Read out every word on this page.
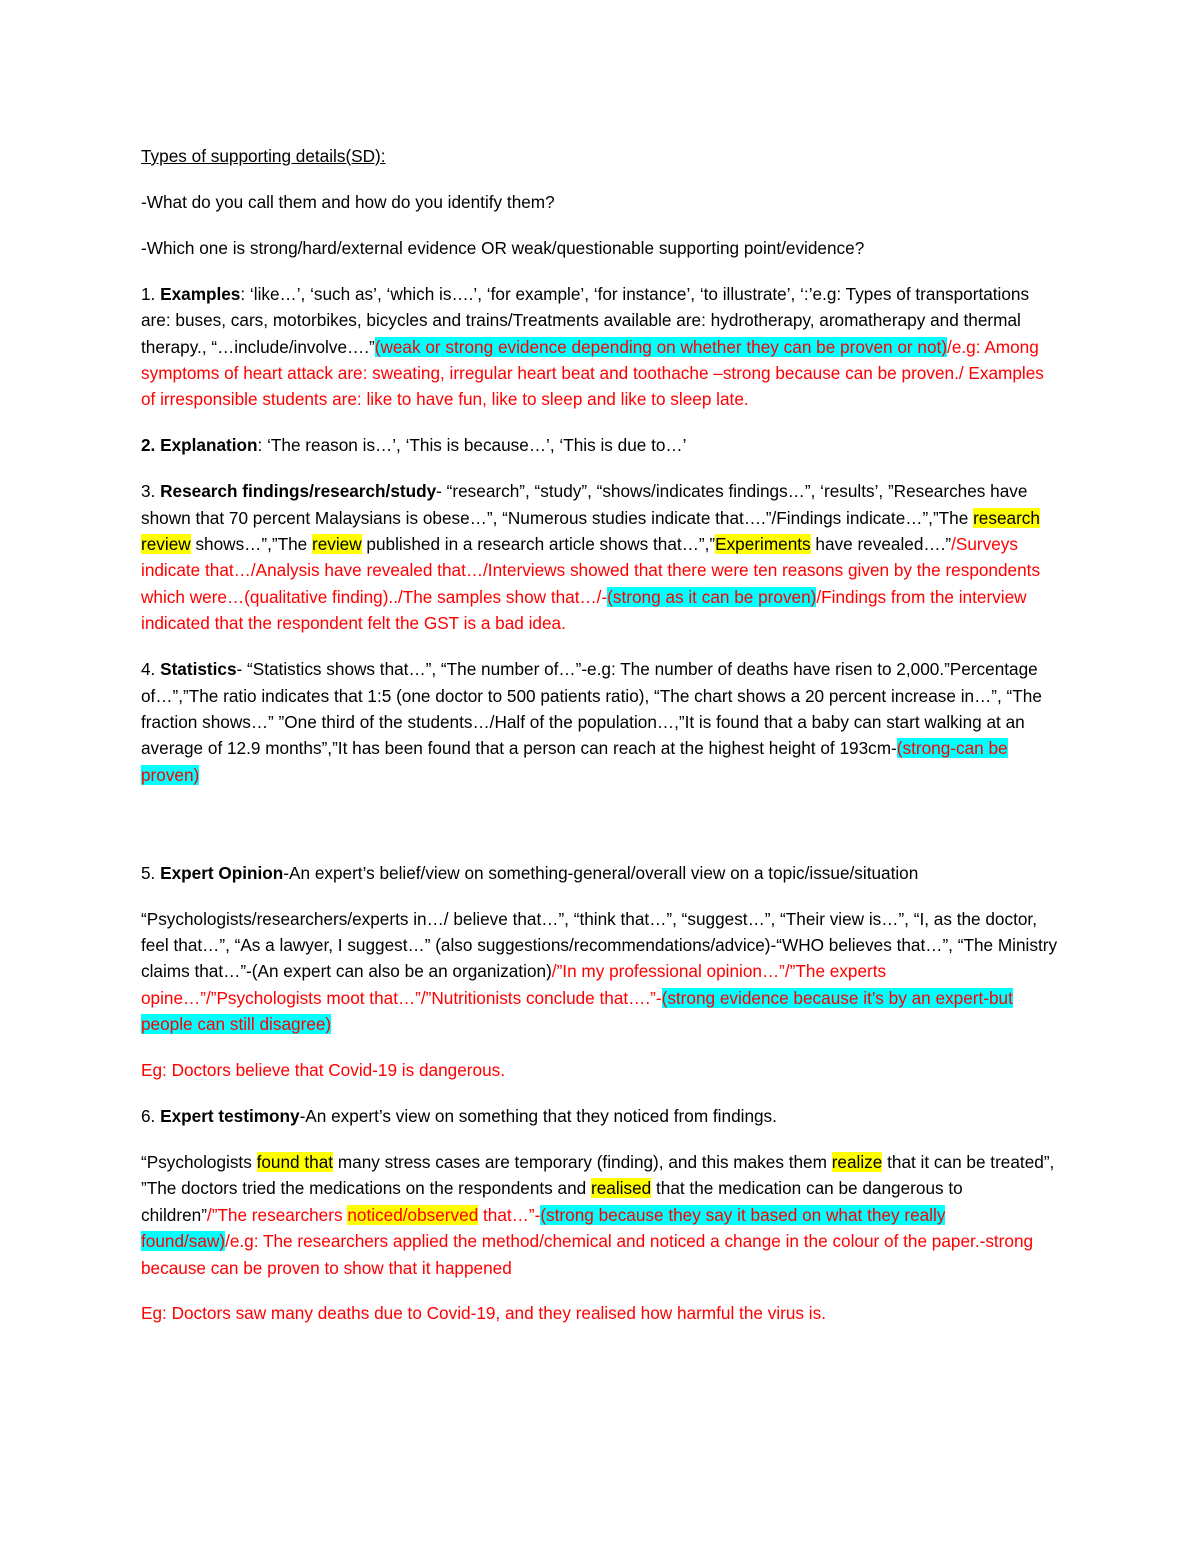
Types of supporting details(SD):

-What do you call them and how do you identify them?

-Which one is strong/hard/external evidence OR weak/questionable supporting point/evidence?

1. Examples: ‘like…’, ‘such as’, ‘which is….’, ‘for example’, ‘for instance’, ‘to illustrate’, ‘:’e.g: Types of transportations are: buses, cars, motorbikes, bicycles and trains/Treatments available are: hydrotherapy, aromatherapy and thermal therapy., “…include/involve….”(weak or strong evidence depending on whether they can be proven or not)/e.g: Among symptoms of heart attack are: sweating, irregular heart beat and toothache –strong because can be proven./ Examples of irresponsible students are: like to have fun, like to sleep and like to sleep late.

2. Explanation: ‘The reason is…’, ‘This is because…’, ‘This is due to…’

3. Research findings/research/study- “research”, “study”, “shows/indicates findings…”, ‘results’, ”Researches have shown that 70 percent Malaysians is obese…”, “Numerous studies indicate that….”/Findings indicate…”,”The research review shows…”,”The review published in a research article shows that…”,”Experiments have revealed….”/Surveys indicate that…/Analysis have revealed that…/Interviews showed that there were ten reasons given by the respondents which were…(qualitative finding)../The samples show that…/-(strong as it can be proven)/Findings from the interview indicated that the respondent felt the GST is a bad idea.

4. Statistics- “Statistics shows that…”, “The number of…”-e.g: The number of deaths have risen to 2,000.”Percentage of…”,”The ratio indicates that 1:5 (one doctor to 500 patients ratio), “The chart shows a 20 percent increase in…”, “The fraction shows…” ”One third of the students…/Half of the population…,”It is found that a baby can start walking at an average of 12.9 months”,”It has been found that a person can reach at the highest height of 193cm-(strong-can be proven)

5. Expert Opinion-An expert’s belief/view on something-general/overall view on a topic/issue/situation

“Psychologists/researchers/experts in…/ believe that…”, “think that…”, “suggest…”, “Their view is…”, “I, as the doctor, feel that…”, “As a lawyer, I suggest…” (also suggestions/recommendations/advice)-“WHO believes that…”, “The Ministry claims that…”-(An expert can also be an organization)/”In my professional opinion…”/”The experts opine…”/”Psychologists moot that…”/”Nutritionists conclude that….”-(strong evidence because it’s by an expert-but people can still disagree)

Eg: Doctors believe that Covid-19 is dangerous.

6. Expert testimony-An expert’s view on something that they noticed from findings.

“Psychologists found that many stress cases are temporary (finding), and this makes them realize that it can be treated”, ”The doctors tried the medications on the respondents and realised that the medication can be dangerous to children”/”The researchers noticed/observed that…”-(strong because they say it based on what they really found/saw)/e.g: The researchers applied the method/chemical and noticed a change in the colour of the paper.-strong because can be proven to show that it happened

Eg: Doctors saw many deaths due to Covid-19, and they realised how harmful the virus is.
